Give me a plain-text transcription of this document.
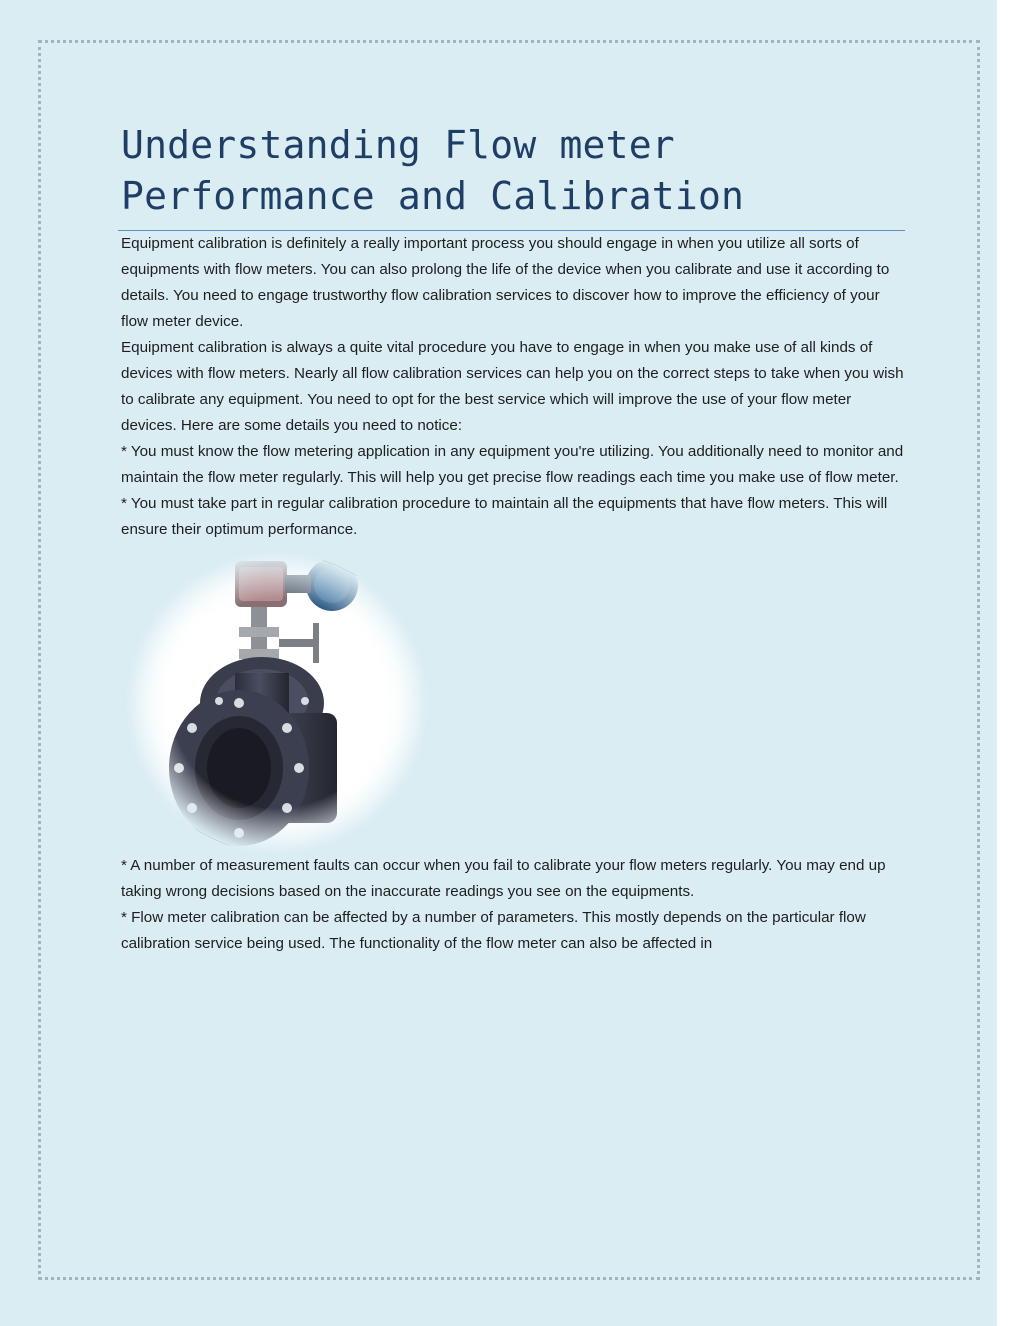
Understanding Flow meter Performance and Calibration

Equipment calibration is definitely a really important process you should engage in when you utilize all sorts of equipments with flow meters. You can also prolong the life of the device when you calibrate and use it according to details. You need to engage trustworthy flow calibration services to discover how to improve the efficiency of your flow meter device.

Equipment calibration is always a quite vital procedure you have to engage in when you make use of all kinds of devices with flow meters. Nearly all flow calibration services can help you on the correct steps to take when you wish to calibrate any equipment. You need to opt for the best service which will improve the use of your flow meter devices. Here are some details you need to notice:

* You must know the flow metering application in any equipment you're utilizing. You additionally need to monitor and maintain the flow meter regularly. This will help you get precise flow readings each time you make use of flow meter.

* You must take part in regular calibration procedure to maintain all the equipments that have flow meters. This will ensure their optimum performance.

* A number of measurement faults can occur when you fail to calibrate your flow meters regularly. You may end up taking wrong decisions based on the inaccurate readings you see on the equipments.

* Flow meter calibration can be affected by a number of parameters. This mostly depends on the particular flow calibration service being used. The functionality of the flow meter can also be affected in
